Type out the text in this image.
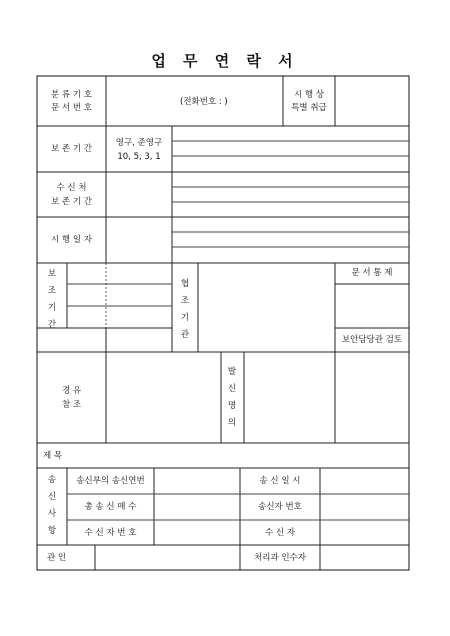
업 무 연 락 서
분 류 기 호
문 서 번 호
(전화번호 : )
시 행 상
특별 취급
보 존 기 간
영구, 준영구
10, 5, 3, 1
수 신 처
보 존 기 간
시 행 일 자
보
조
기
간
협
조
기
관
문 서 통 제
보안담당관 검토
경 유
참 조
발
신
명
의
제 목
송
신
사
항
송신부의 송신연번
총 송 신 매 수
수 신 자 번 호
송 신 일 시
송신자 번호
수 신 자
관 인	처리과 인수자
